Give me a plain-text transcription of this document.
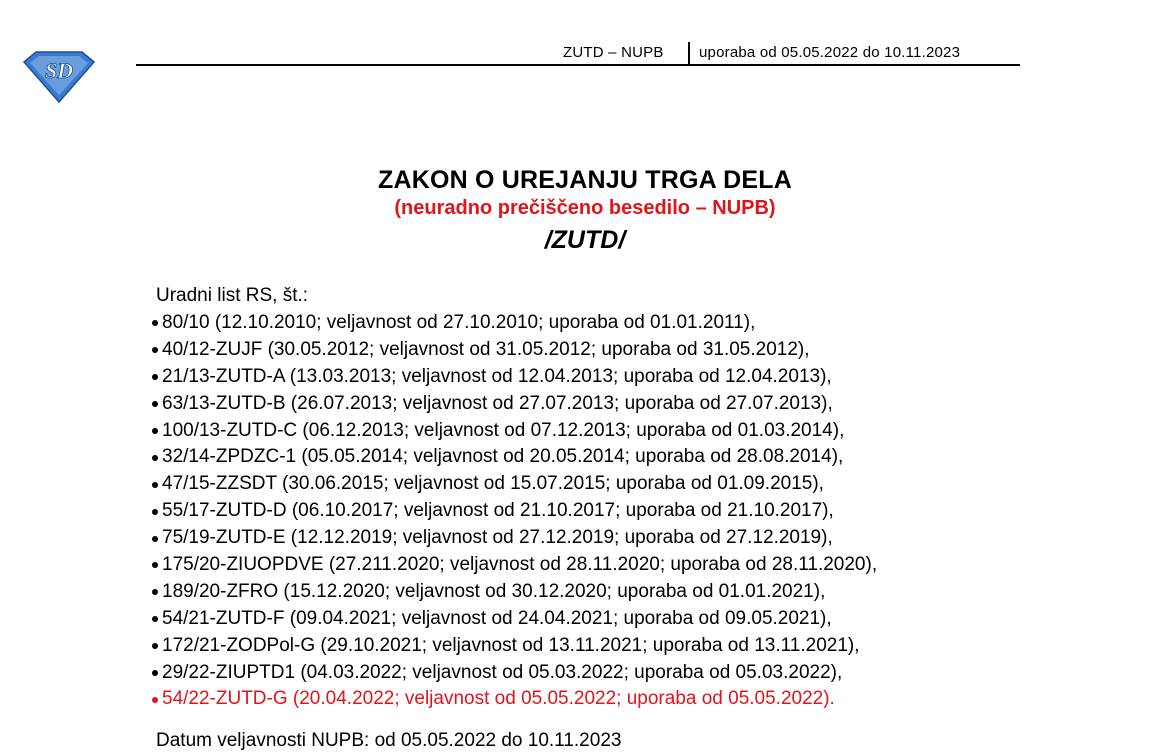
SD
ZUTD – NUPB uporaba od 05.05.2022 do 10.11.2023
ZAKON O UREJANJU TRGA DELA
(neuradno prečiščeno besedilo – NUPB)
/ZUTD/
Uradni list RS, št.:
80/10 (12.10.2010; veljavnost od 27.10.2010; uporaba od 01.01.2011),
40/12-ZUJF (30.05.2012; veljavnost od 31.05.2012; uporaba od 31.05.2012),
21/13-ZUTD-A (13.03.2013; veljavnost od 12.04.2013; uporaba od 12.04.2013),
63/13-ZUTD-B (26.07.2013; veljavnost od 27.07.2013; uporaba od 27.07.2013),
100/13-ZUTD-C (06.12.2013; veljavnost od 07.12.2013; uporaba od 01.03.2014),
32/14-ZPDZC-1 (05.05.2014; veljavnost od 20.05.2014; uporaba od 28.08.2014),
47/15-ZZSDT (30.06.2015; veljavnost od 15.07.2015; uporaba od 01.09.2015),
55/17-ZUTD-D (06.10.2017; veljavnost od 21.10.2017; uporaba od 21.10.2017),
75/19-ZUTD-E (12.12.2019; veljavnost od 27.12.2019; uporaba od 27.12.2019),
175/20-ZIUOPDVE (27.211.2020; veljavnost od 28.11.2020; uporaba od 28.11.2020),
189/20-ZFRO (15.12.2020; veljavnost od 30.12.2020; uporaba od 01.01.2021),
54/21-ZUTD-F (09.04.2021; veljavnost od 24.04.2021; uporaba od 09.05.2021),
172/21-ZODPol-G (29.10.2021; veljavnost od 13.11.2021; uporaba od 13.11.2021),
29/22-ZIUPTD1 (04.03.2022; veljavnost od 05.03.2022; uporaba od 05.03.2022),
54/22-ZUTD-G (20.04.2022; veljavnost od 05.05.2022; uporaba od 05.05.2022).
Datum veljavnosti NUPB: od 05.05.2022 do 10.11.2023
